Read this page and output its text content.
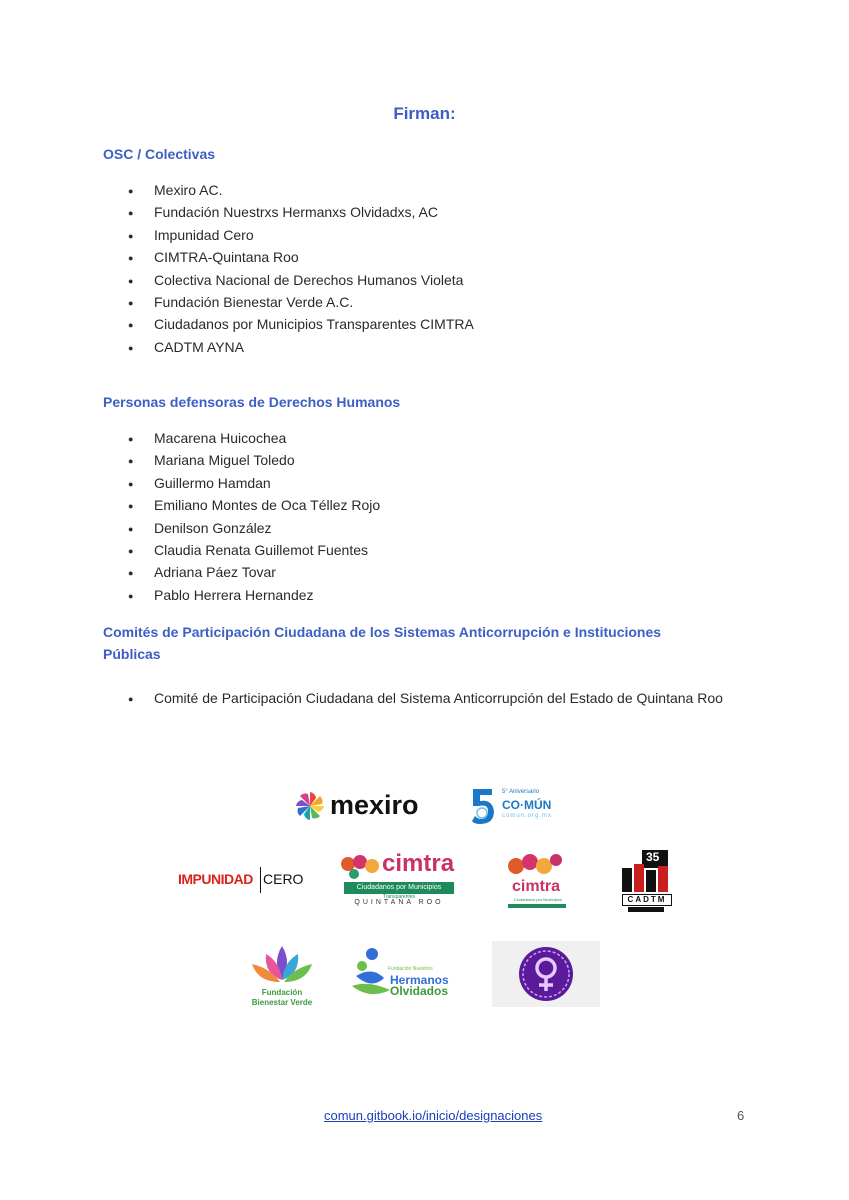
Firman:
OSC / Colectivas
● Mexiro AC.
● Fundación Nuestrxs Hermanxs Olvidadxs, AC
● Impunidad Cero
● CIMTRA-Quintana Roo
● Colectiva Nacional de Derechos Humanos Violeta
● Fundación Bienestar Verde A.C.
● Ciudadanos por Municipios Transparentes CIMTRA
● CADTM AYNA
Personas defensoras de Derechos Humanos
● Macarena Huicochea
● Mariana Miguel Toledo
● Guillermo Hamdan
● Emiliano Montes de Oca Téllez Rojo
● Denilson González
● Claudia Renata Guillemot Fuentes
● Adriana Páez Tovar
● Pablo Herrera Hernandez
Comités de Participación Ciudadana de los Sistemas Anticorrupción e Instituciones Públicas
● Comité de Participación Ciudadana del Sistema Anticorrupción del Estado de Quintana Roo
mexiro	5° Aniversario
CO·MÚN
comun.org.mx
IMPUNIDAD CERO
cimtra
Ciudadanos por Municipios
Transparentes
QUINTANA ROO
cimtra
Ciudadanos por Municipios
35
CADTM
Fundación
Bienestar Verde
Fundación Nuestros
Hermanos
Olvidados
comun.gitbook.io/inicio/designaciones	6
